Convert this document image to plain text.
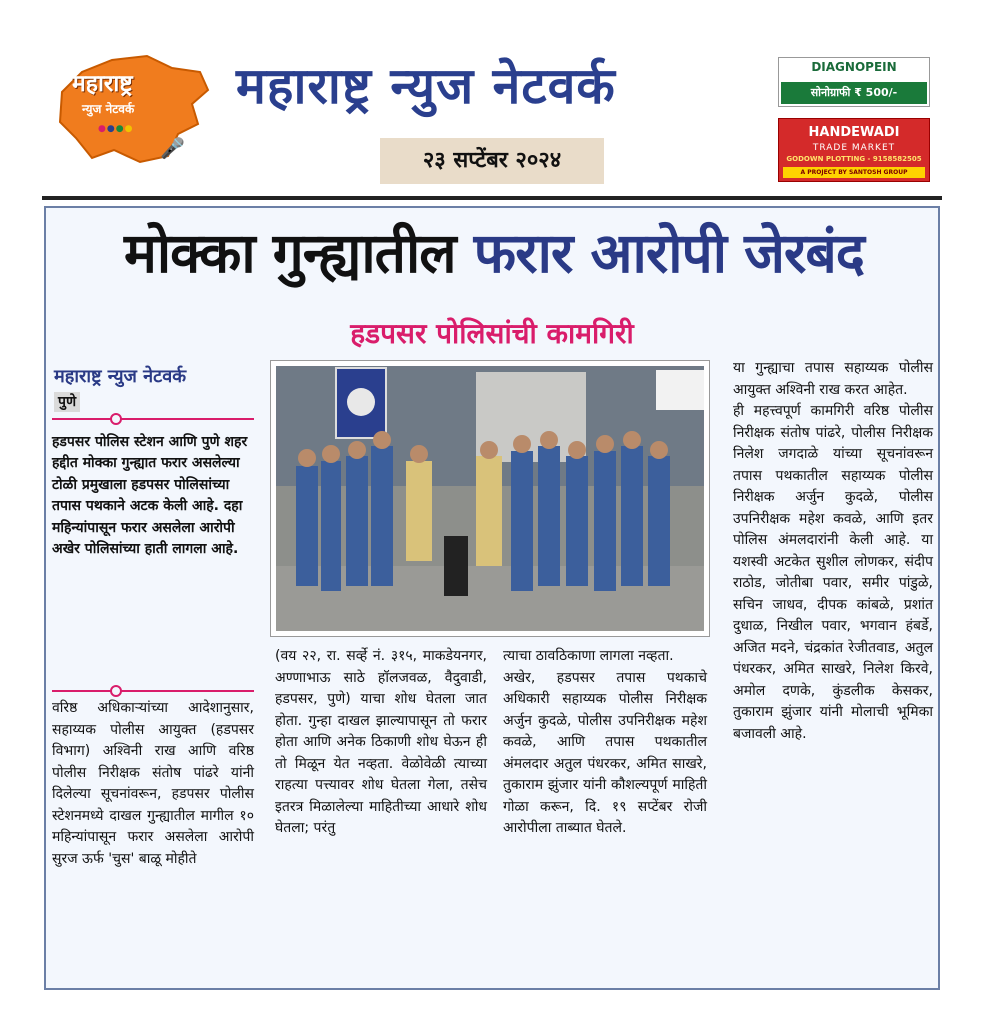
महाराष्ट्र
न्युज नेटवर्क
●●●●
🎤
महाराष्ट्र न्युज नेटवर्क
२३ सप्टेंबर २०२४
DIAGNOPEIN
सोनोग्राफी ₹ 500/-
HANDEWADI
TRADE MARKET
GODOWN PLOTTING - 9158582505
A PROJECT BY SANTOSH GROUP
मोक्का गुन्ह्यातील फरार आरोपी जेरबंद
हडपसर पोलिसांची कामगिरी
महाराष्ट्र न्युज नेटवर्क
पुणे
हडपसर पोलिस स्टेशन आणि पुणे शहर हद्दीत मोक्का गुन्ह्यात फरार असलेल्या टोळी प्रमुखाला हडपसर पोलिसांच्या तपास पथकाने अटक केली आहे. दहा महिन्यांपासून फरार असलेला आरोपी अखेर पोलिसांच्या हाती लागला आहे.
वरिष्ठ अधिकाऱ्यांच्या आदेशानुसार, सहाय्यक पोलीस आयुक्त (हडपसर विभाग) अश्विनी राख आणि वरिष्ठ पोलीस निरीक्षक संतोष पांढरे यांनी दिलेल्या सूचनांवरून, हडपसर पोलीस स्टेशनमध्ये दाखल गुन्ह्यातील मागील १० महिन्यांपासून फरार असलेला आरोपी सुरज ऊर्फ 'चुस' बाळू मोहीते
(वय २२, रा. सर्व्हे नं. ३१५, माकडेयनगर, अण्णाभाऊ साठे हॉलजवळ, वैदुवाडी, हडपसर, पुणे) याचा शोध घेतला जात होता. गुन्हा दाखल झाल्यापासून तो फरार होता आणि अनेक ठिकाणी शोध घेऊन ही तो मिळून येत नव्हता. वेळोवेळी त्याच्या राहत्या पत्त्यावर शोध घेतला गेला, तसेच इतरत्र मिळालेल्या माहितीच्या आधारे शोध घेतला; परंतु
त्याचा ठावठिकाणा लागला नव्हता.
अखेर, हडपसर तपास पथकाचे अधिकारी सहाय्यक पोलीस निरीक्षक अर्जुन कुदळे, पोलीस उपनिरीक्षक महेश कवळे, आणि तपास पथकातील अंमलदार अतुल पंधरकर, अमित साखरे, तुकाराम झुंजार यांनी कौशल्यपूर्ण माहिती गोळा करून, दि. १९ सप्टेंबर रोजी आरोपीला ताब्यात घेतले.
या गुन्ह्याचा तपास सहाय्यक पोलीस आयुक्त अश्विनी राख करत आहेत.
ही महत्त्वपूर्ण कामगिरी वरिष्ठ पोलीस निरीक्षक संतोष पांढरे, पोलीस निरीक्षक निलेश जगदाळे यांच्या सूचनांवरून तपास पथकातील सहाय्यक पोलीस निरीक्षक अर्जुन कुदळे, पोलीस उपनिरीक्षक महेश कवळे, आणि इतर पोलिस अंमलदारांनी केली आहे. या यशस्वी अटकेत सुशील लोणकर, संदीप राठोड, जोतीबा पवार, समीर पांडुळे, सचिन जाधव, दीपक कांबळे, प्रशांत दुधाळ, निखील पवार, भगवान हंबर्डे, अजित मदने, चंद्रकांत रेजीतवाड, अतुल पंधरकर, अमित साखरे, निलेश किरवे, अमोल दणके, कुंडलीक केसकर, तुकाराम झुंजार यांनी मोलाची भूमिका बजावली आहे.
